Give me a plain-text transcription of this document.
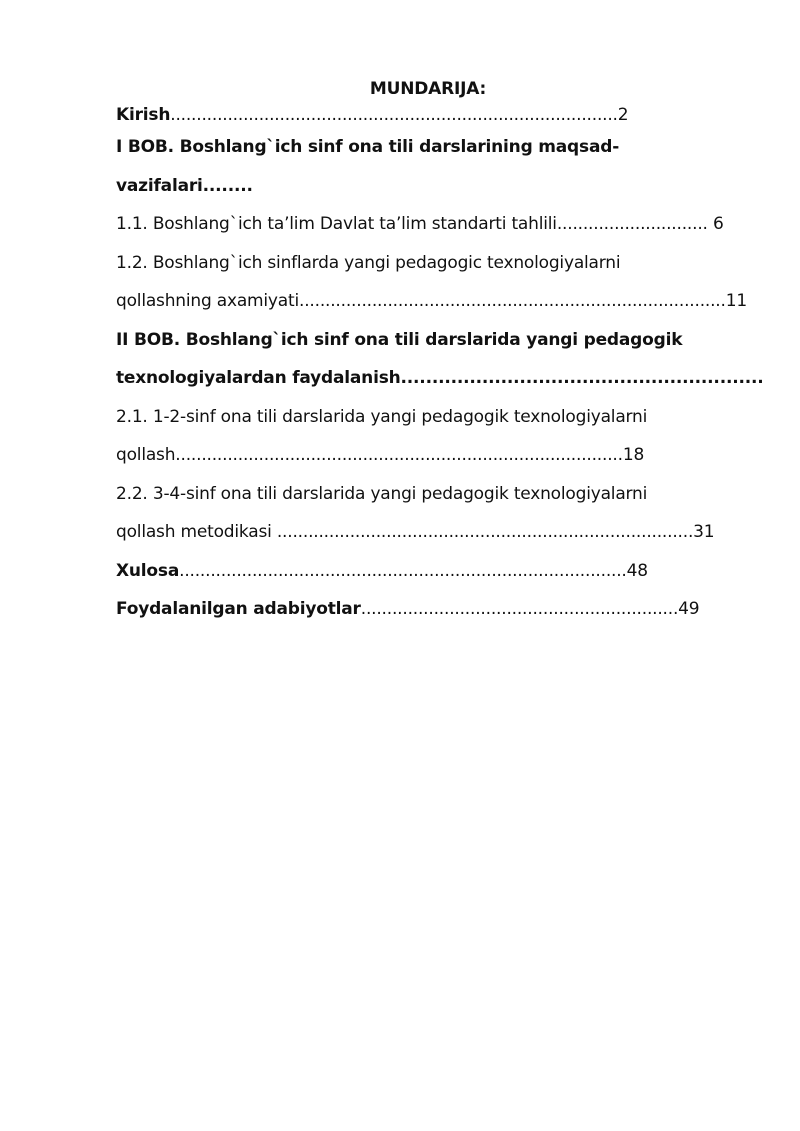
MUNDARIJA:
Kirish......................................................................................2
I BOB. Boshlang`ich sinf ona tili darslarining maqsad-
vazifalari........
1.1. Boshlang`ich ta’lim Davlat ta’lim standarti tahlili............................. 6
1.2. Boshlang`ich sinflarda yangi pedagogic texnologiyalarni
qollashning axamiyati..................................................................................11
II BOB. Boshlang`ich sinf ona tili darslarida yangi pedagogik
texnologiyalardan faydalanish..........................................................
2.1. 1-2-sinf ona tili darslarida yangi pedagogik texnologiyalarni
qollash......................................................................................18
2.2. 3-4-sinf ona tili darslarida yangi pedagogik texnologiyalarni
qollash metodikasi ................................................................................31
Xulosa......................................................................................48
Foydalanilgan adabiyotlar.............................................................49
